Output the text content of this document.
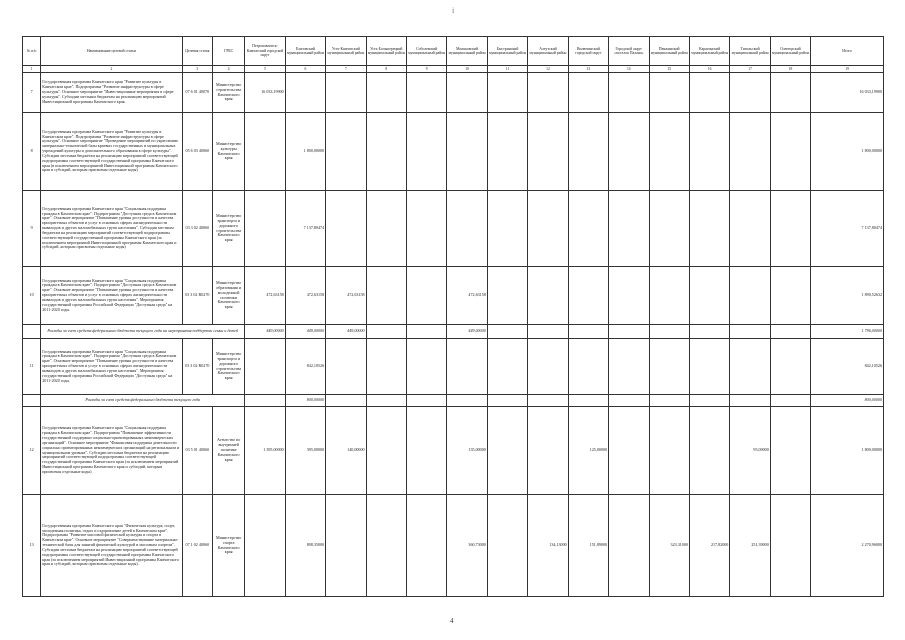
i
№ п/п	Наименование целевой статьи	Целевая статья	ГРБС	Петропавловск-Камчатский городской округ	Елизовский муниципальный район	Усть-Камчатский муниципальный район	Усть-Большерецкий муниципальный район	Соболевский муниципальный район	Мильковский муниципальный район	Быстринский муниципальный район	Алеутский муниципальный район	Вилючинский городской округ	Городской округ «поселок Палана»	Пенжинский муниципальный район	Карагинский муниципальный район	Тигильский муниципальный район	Олюторский муниципальный район	Итого
1	2	3	4	5	6	7	8	9	10	11	12	13	14	15	16	17	18	19
7	Государственная программа Камчатского края "Развитие культуры в Камчатском крае". Подпрограмма "Развитие инфраструктуры в сфере культуры". Основное мероприятие "Инвестиционные мероприятия в сфере культуры". Субсидии местным бюджетам на реализацию мероприятий Инвестиционной программы Камчатского края.	07 6 01 40070	Министерство строительства Камчатского края	16 033,19900														16 033,19900
8	Государственная программа Камчатского края "Развитие культуры в Камчатском крае". Подпрограмма "Развитие инфраструктуры в сфере культуры". Основное мероприятие "Проведение мероприятий по укреплению материально-технической базы краевых государственных и муниципальных учреждений культуры и дополнительного образования в сфере культуры". Субсидии местным бюджетам на реализацию мероприятий соответствующей подпрограммы соответствующей государственной программы Камчатского края (в исключением мероприятий Инвестиционной программы Камчатского края и субсидий, которым присвоены отдельные коды)	05 6 03 40060	Министерство культуры Камчатского края		1 800,00000													1 800,00000
9	Государственная программа Камчатского края "Социальная поддержка граждан в Камчатском крае". Подпрограмма "Доступная среда в Камчатском крае". Основное мероприятие "Повышение уровня доступности и качества приоритетных объектов и услуг в основных сферах жизнедеятельности инвалидов и других маломобильных групп населения". Субсидии местным бюджетам на реализацию мероприятий соответствующей подпрограммы соответствующей государственной программы Камчатского края (за исключением мероприятий Инвестиционной программы Камчатского края и субсидий, которым присвоены отдельные коды)	03 3 02 40060	Министерство транспорта и дорожного строительства Камчатского края		7 137,80474													7 137,80474
10	Государственная программа Камчатского края "Социальная поддержка граждан в Камчатском крае". Подпрограмма "Доступная среда в Камчатском крае". Основное мероприятие "Повышение уровня доступности и качества приоритетных объектов и услуг в основных сферах жизнедеятельности инвалидов и других маломобильных групп населения". Мероприятия государственной программы Российской Федерации "Доступная среда" на 2011-2020 годы.	03 3 02 R0270	Министерство образования и молодежной политики Камчатского края	472,63158	472,63158	472,63158			472,63158									1 890,52632
	Расходы за счет средств федерального бюджета текущего года на мероприятия поддержки семьи и детей			449,00000	449,00000	449,00000			449,00000									1 796,00000
11	Государственная программа Камчатского края "Социальная поддержка граждан в Камчатском крае". Подпрограмма "Доступная среда в Камчатском крае". Основное мероприятие "Повышение уровня доступности и качества приоритетных объектов и услуг в основных сферах жизнедеятельности инвалидов и других маломобильных групп населения". Мероприятия государственной программы Российской Федерации "Доступная среда" на 2011-2020 годы.	03 3 02 R0270	Министерство транспорта и дорожного строительства Камчатского края		842,10526													842,10526
	Расходы за счет средств федерального бюджета текущего года				800,00000													800,00000
12	Государственная программа Камчатского края "Социальная поддержка граждан в Камчатском крае". Подпрограмма "Повышение эффективности государственной поддержки социально-ориентированных некоммерческих организаций". Основное мероприятие "Финансовая поддержка деятельности социально ориентированных некоммерческих организаций на региональном и муниципальном уровнях". Субсидии местным бюджетам на реализацию мероприятий соответствующей подпрограммы соответствующей государственной программы Камчатского края (за исключением мероприятий Инвестиционной программы Камчатского края и субсидий, которым присвоены отдельные коды)	03 5 01 40060	Агентство по внутренней политике Камчатского края	1 395,00000	395,00000	140,00000			135,00000			125,00000				95,00000		1 800,00000
13	Государственная программа Камчатского края "Физическая культура, спорт, молодежная политика, отдых и оздоровление детей в Камчатском крае". Подпрограмма "Развитие массовой физической культуры и спорта в Камчатском крае". Основное мероприятие "Совершенствование материально-технической базы для занятий физической культурой и массовым спортом". Субсидии местным бюджетам на реализацию мероприятий соответствующей подпрограммы соответствующей государственной программы Камчатского края (за исключением мероприятий Инвестиционной программы Камчатского края и субсидий, которым присвоены отдельные коды).	07 1 02 40060	Министерство спорта Камчатского края		808,35000				360,73000		134,13000	151,89000		323,31000	217,82000	251,39000		2 270,96000
4
